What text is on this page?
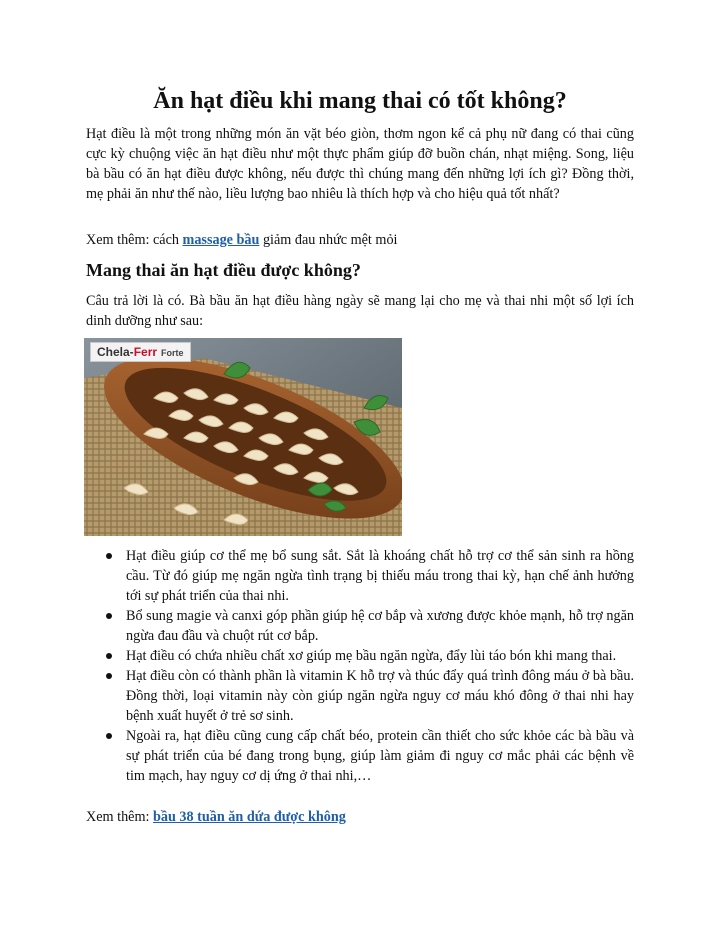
Ăn hạt điều khi mang thai có tốt không?

Hạt điều là một trong những món ăn vặt béo giòn, thơm ngon kể cả phụ nữ đang có thai cũng cực kỳ chuộng việc ăn hạt điều như một thực phẩm giúp đỡ buồn chán, nhạt miệng. Song, liệu bà bầu có ăn hạt điều được không, nếu được thì chúng mang đến những lợi ích gì? Đồng thời, mẹ phải ăn như thế nào, liều lượng bao nhiêu là thích hợp và cho hiệu quả tốt nhất?

Xem thêm: cách massage bầu giảm đau nhức mệt mỏi

Mang thai ăn hạt điều được không?

Câu trả lời là có. Bà bầu ăn hạt điều hàng ngày sẽ mang lại cho mẹ và thai nhi một số lợi ích dinh dưỡng như sau:

Chela-Ferr Forte
Hạt điều giúp cơ thể mẹ bổ sung sắt. Sắt là khoáng chất hỗ trợ cơ thể sản sinh ra hồng cầu. Từ đó giúp mẹ ngăn ngừa tình trạng bị thiếu máu trong thai kỳ, hạn chế ảnh hưởng tới sự phát triển của thai nhi.
Bổ sung magie và canxi góp phần giúp hệ cơ bắp và xương được khỏe mạnh, hỗ trợ ngăn ngừa đau đầu và chuột rút cơ bắp.
Hạt điều có chứa nhiều chất xơ giúp mẹ bầu ngăn ngừa, đẩy lùi táo bón khi mang thai.
Hạt điều còn có thành phần là vitamin K hỗ trợ và thúc đẩy quá trình đông máu ở bà bầu. Đồng thời, loại vitamin này còn giúp ngăn ngừa nguy cơ máu khó đông ở thai nhi hay bệnh xuất huyết ở trẻ sơ sinh.
Ngoài ra, hạt điều cũng cung cấp chất béo, protein cần thiết cho sức khỏe các bà bầu và sự phát triển của bé đang trong bụng, giúp làm giảm đi nguy cơ mắc phải các bệnh về tim mạch, hay nguy cơ dị ứng ở thai nhi,…

Xem thêm: bầu 38 tuần ăn dứa được không
